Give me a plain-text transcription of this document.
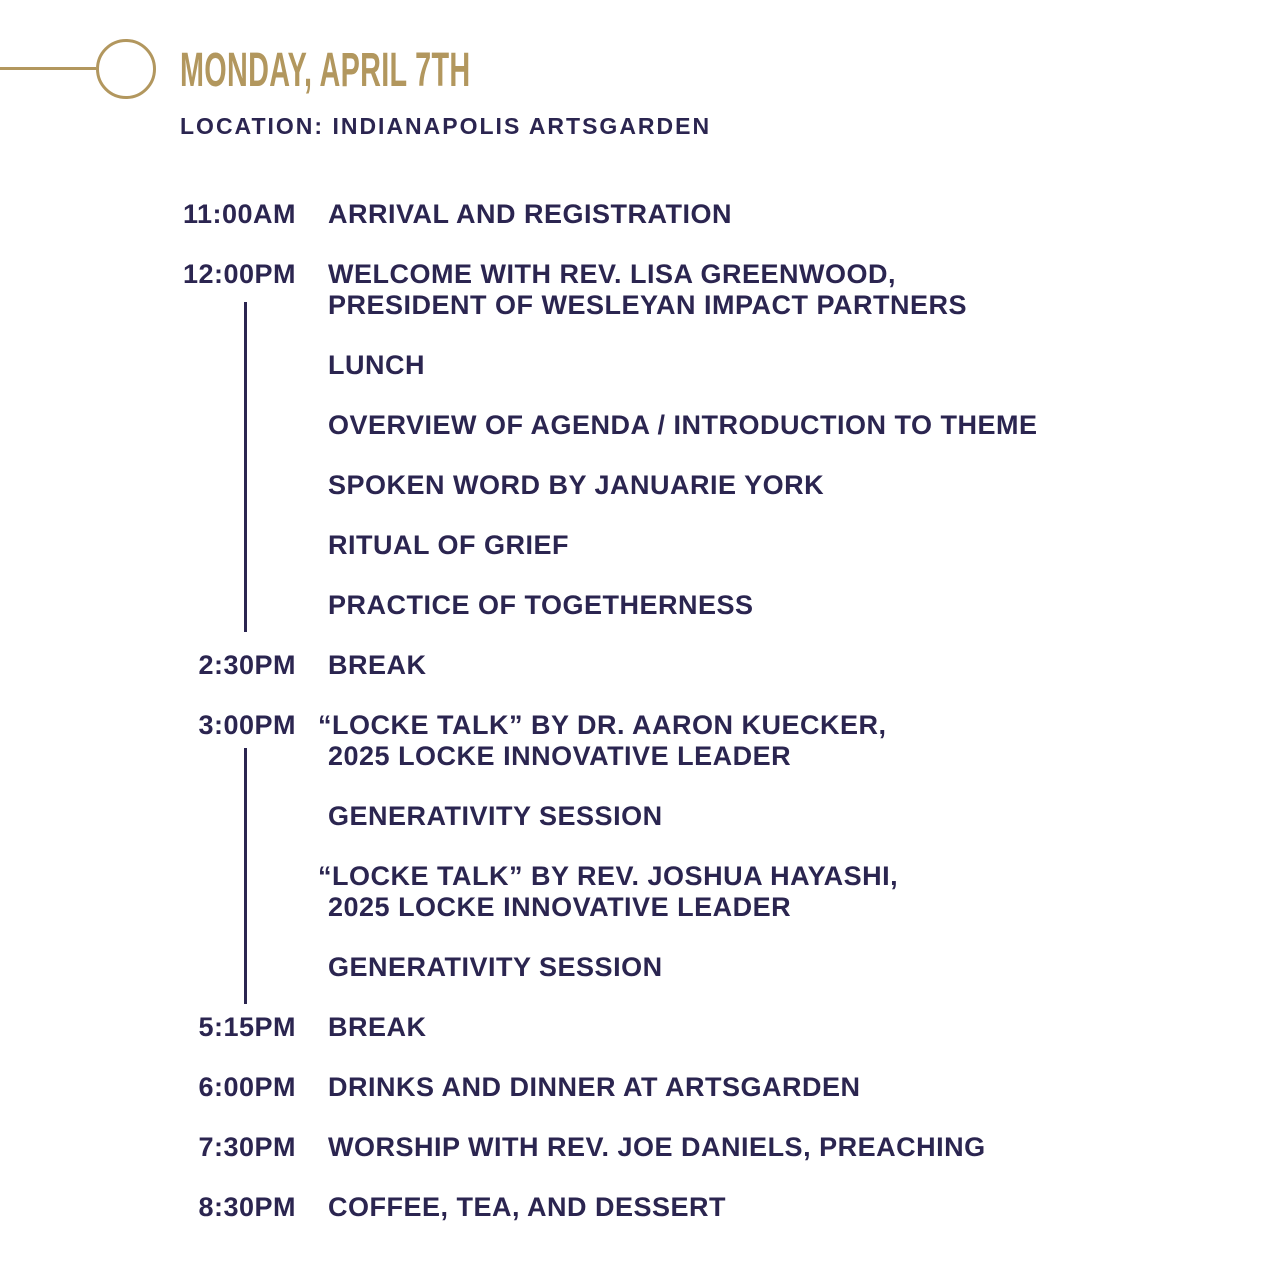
MONDAY, APRIL 7TH
LOCATION: INDIANAPOLIS ARTSGARDEN
11:00AM ARRIVAL AND REGISTRATION
12:00PM WELCOME WITH REV. LISA GREENWOOD,
PRESIDENT OF WESLEYAN IMPACT PARTNERS
LUNCH
OVERVIEW OF AGENDA / INTRODUCTION TO THEME
SPOKEN WORD BY JANUARIE YORK
RITUAL OF GRIEF
PRACTICE OF TOGETHERNESS
2:30PM BREAK
3:00PM “LOCKE TALK” BY DR. AARON KUECKER,
2025 LOCKE INNOVATIVE LEADER
GENERATIVITY SESSION
“LOCKE TALK” BY REV. JOSHUA HAYASHI,
2025 LOCKE INNOVATIVE LEADER
GENERATIVITY SESSION
5:15PM BREAK
6:00PM DRINKS AND DINNER AT ARTSGARDEN
7:30PM WORSHIP WITH REV. JOE DANIELS, PREACHING
8:30PM COFFEE, TEA, AND DESSERT
